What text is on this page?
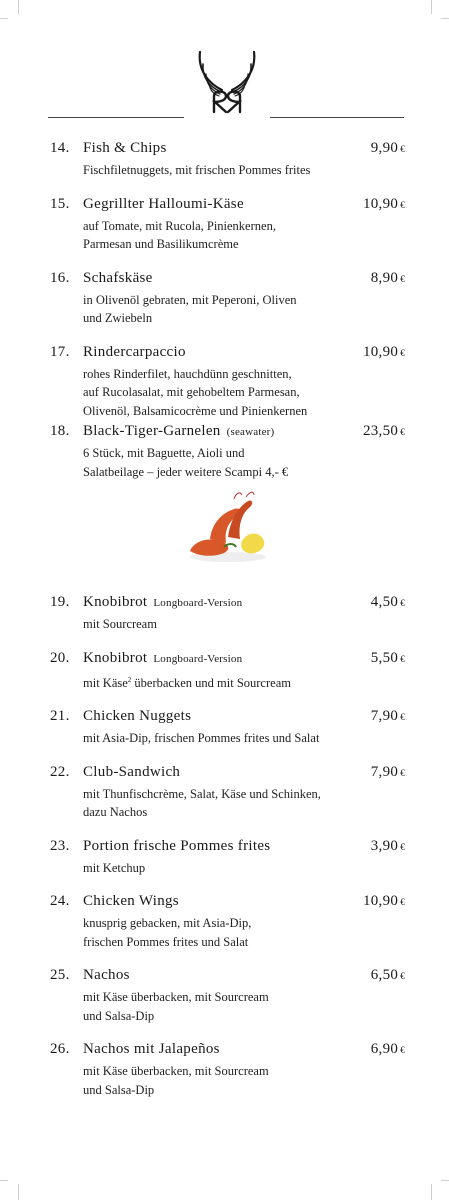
14. Fish & Chips	9,90 €
Fischfiletnuggets, mit frischen Pommes frites
15. Gegrillter Halloumi-Käse	10,90 €
auf Tomate, mit Rucola, Pinienkernen,
Parmesan und Basilikumcrème
16. Schafskäse	8,90 €
in Olivenöl gebraten, mit Peperoni, Oliven
und Zwiebeln
17. Rindercarpaccio	10,90 €
rohes Rinderfilet, hauchdünn geschnitten,
auf Rucolasalat, mit gehobeltem Parmesan,
Olivenöl, Balsamicocrème und Pinienkernen
18. Black-Tiger-Garnelen (seawater)	23,50 €
6 Stück, mit Baguette, Aioli und
Salatbeilage – jeder weitere Scampi 4,- €
19. Knobibrot Longboard-Version	4,50 €
mit Sourcream
20. Knobibrot Longboard-Version	5,50 €
mit Käse$^2$ überbacken und mit Sourcream
21. Chicken Nuggets	7,90 €
mit Asia-Dip, frischen Pommes frites und Salat
22. Club-Sandwich	7,90 €
mit Thunfischcrème, Salat, Käse und Schinken,
dazu Nachos
23. Portion frische Pommes frites	3,90 €
mit Ketchup
24. Chicken Wings	10,90 €
knusprig gebacken, mit Asia-Dip,
frischen Pommes frites und Salat
25. Nachos	6,50 €
mit Käse überbacken, mit Sourcream
und Salsa-Dip
26. Nachos mit Jalapeños	6,90 €
mit Käse überbacken, mit Sourcream
und Salsa-Dip
